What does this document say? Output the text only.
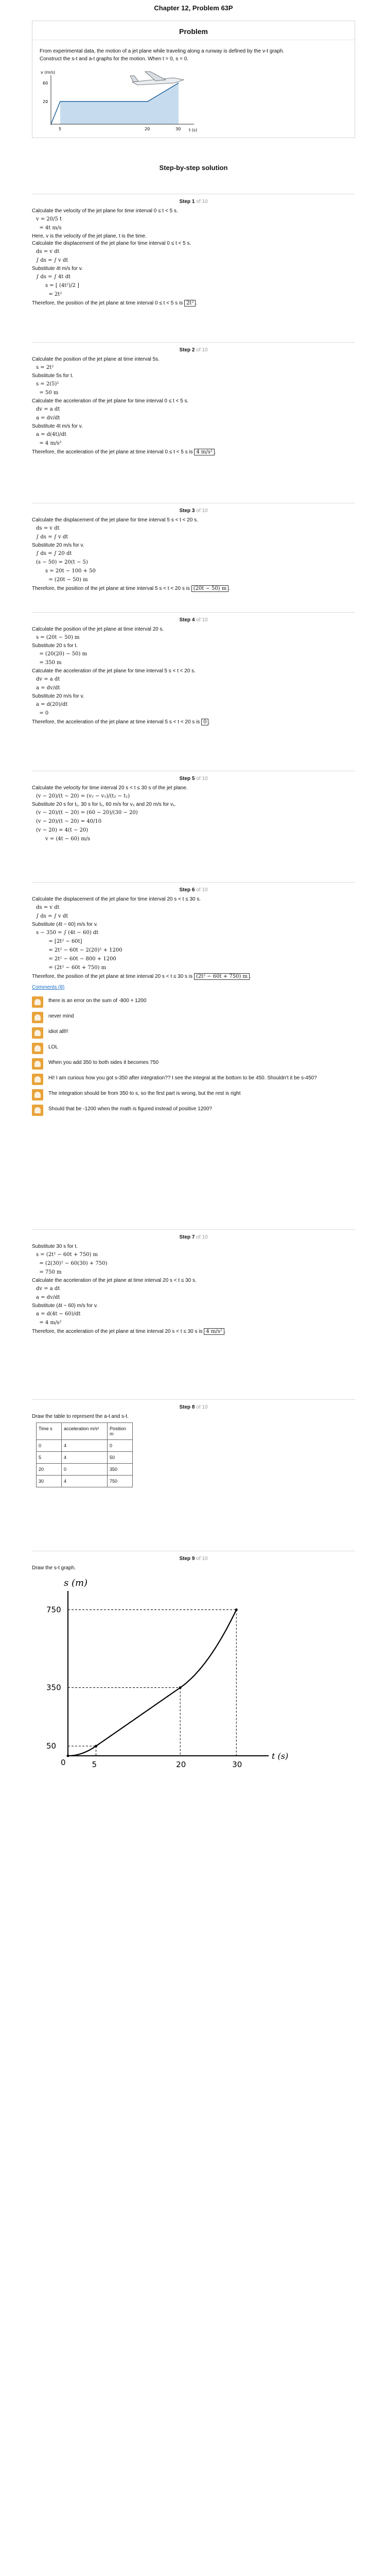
Chapter 12, Problem 63P
Problem
From experimental data, the motion of a jet plane while traveling along a runway is defined by the v-t graph. Construct the s-t and a-t graphs for the motion. When t = 0, s = 0.
v (m/s)
60
20
5	20	30 t (s)
Step-by-step solution
Step 1 of 10
Calculate the velocity of the jet plane for time interval 0 ≤ t < 5 s.
v = 20/5 t
= 4t m/s
Here, v is the velocity of the jet plane, t is the time.
Calculate the displacement of the jet plane for time interval 0 ≤ t < 5 s.
ds = v dt
∫ ds = ∫ v dt
Substitute 4t m/s for v.
∫ ds = ∫ 4t dt
s = [ (4t²)/2 ]
= 2t²
Therefore, the position of the jet plane at time interval 0 ≤ t < 5 s is 2t² .
Step 2 of 10
Calculate the position of the jet plane at time interval 5s.
s = 2t²
Substitute 5s for t.
s = 2(5)²
= 50 m
Calculate the acceleration of the jet plane for time interval 0 ≤ t < 5 s.
dv = a dt
a = dv/dt
Substitute 4t m/s for v.
a = d(4t)/dt
= 4 m/s²
Therefore, the acceleration of the jet plane at time interval 0 ≤ t < 5 s is 4 m/s² .
Step 3 of 10
Calculate the displacement of the jet plane for time interval 5 s < t < 20 s.
ds = v dt
∫ ds = ∫ v dt
Substitute 20 m/s for v.
∫ ds = ∫ 20 dt
(s − 50) = 20(t − 5)
s = 20t − 100 + 50
= (20t − 50) m
Therefore, the position of the jet plane at time interval 5 s < t < 20 s is (20t − 50) m .
Step 4 of 10
Calculate the position of the jet plane at time interval 20 s.
s = (20t − 50) m
Substitute 20 s for t.
= (20(20) − 50) m
= 350 m
Calculate the acceleration of the jet plane for time interval 5 s < t < 20 s.
dv = a dt
a = dv/dt
Substitute 20 m/s for v.
a = d(20)/dt
= 0
Therefore, the acceleration of the jet plane at time interval 5 s < t < 20 s is 0 .
Step 5 of 10
Calculate the velocity for time interval 20 s < t ≤ 30 s of the jet plane.
(v − 20)/(t − 20) = (v₂ − v₁)/(t₂ − t₁)
Substitute 20 s for t₁, 30 s for t₂, 60 m/s for v₂ and 20 m/s for v₁.
(v − 20)/(t − 20) = (60 − 20)/(30 − 20)
(v − 20)/(t − 20) = 40/10
(v − 20) = 4(t − 20)
v = (4t − 60) m/s
Step 6 of 10
Calculate the displacement of the jet plane for time interval 20 s < t ≤ 30 s.
ds = v dt
∫ ds = ∫ v dt
Substitute (4t − 60) m/s for v.
s − 350 = ∫ (4t − 60) dt
= [2t² − 60t]
= 2t² − 60t − 2(20)² + 1200
= 2t² − 60t − 800 + 1200
= (2t² − 60t + 750) m
Therefore, the position of the jet plane at time interval 20 s < t ≤ 30 s is (2t² − 60t + 750) m .
Comments (8)
there is an error on the sum of -800 + 1200
never mind
idiot alll!!
LOL
When you add 350 to both sides it becomes 750
Hi! I am curious how you got s-350 after integration?? I see the integral at the bottom to be 450. Shouldn't it be s-450?
The integration should be from 350 to s, so the first part is wrong, but the rest is right
Should that be -1200 when the math is figured instead of positive 1200?
Step 7 of 10
Substitute 30 s for t.
s = (2t² − 60t + 750) m
= (2(30)² − 60(30) + 750)
= 750 m
Calculate the acceleration of the jet plane at time interval 20 s < t ≤ 30 s.
dv = a dt
a = dv/dt
Substitute (4t − 60) m/s for v.
a = d(4t − 60)/dt
= 4 m/s²
Therefore, the acceleration of the jet plane at time interval 20 s < t ≤ 30 s is 4 m/s² .
Step 8 of 10
Draw the table to represent the a-t and s-t.
Time s	acceleration m/s²	Position m
0	4	0
5	4	50
20	0	350
30	4	750
Step 9 of 10
Draw the s-t graph.
s (m)
t (s)
5	20	30
0
50
350
750
